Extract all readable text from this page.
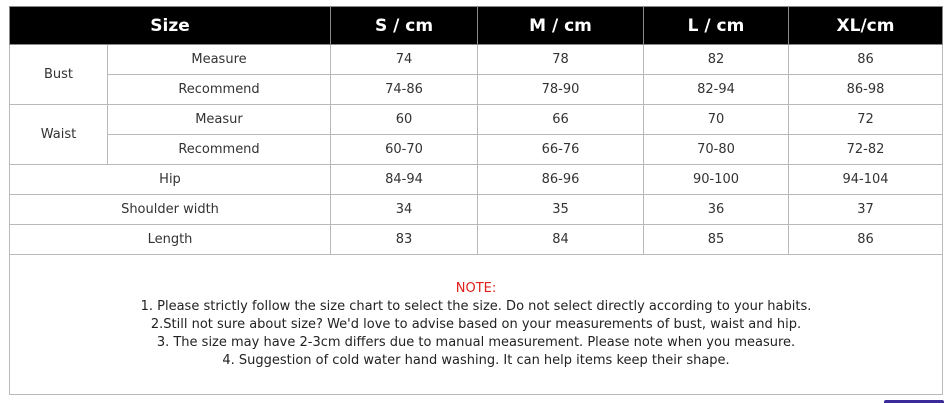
Size		S / cm	M / cm	L / cm	XL/cm
Bust	Measure	74	78	82	86
	Recommend	74-86	78-90	82-94	86-98
Waist	Measur	60	66	70	72
	Recommend	60-70	66-76	70-80	72-82
Hip		84-94	86-96	90-100	94-104
Shoulder width		34	35	36	37
Length		83	84	85	86
NOTE:
1. Please strictly follow the size chart to select the size. Do not select directly according to your habits.
2.Still not sure about size? We'd love to advise based on your measurements of bust, waist and hip.
3. The size may have 2-3cm differs due to manual measurement. Please note when you measure.
4. Suggestion of cold water hand washing. It can help items keep their shape.
